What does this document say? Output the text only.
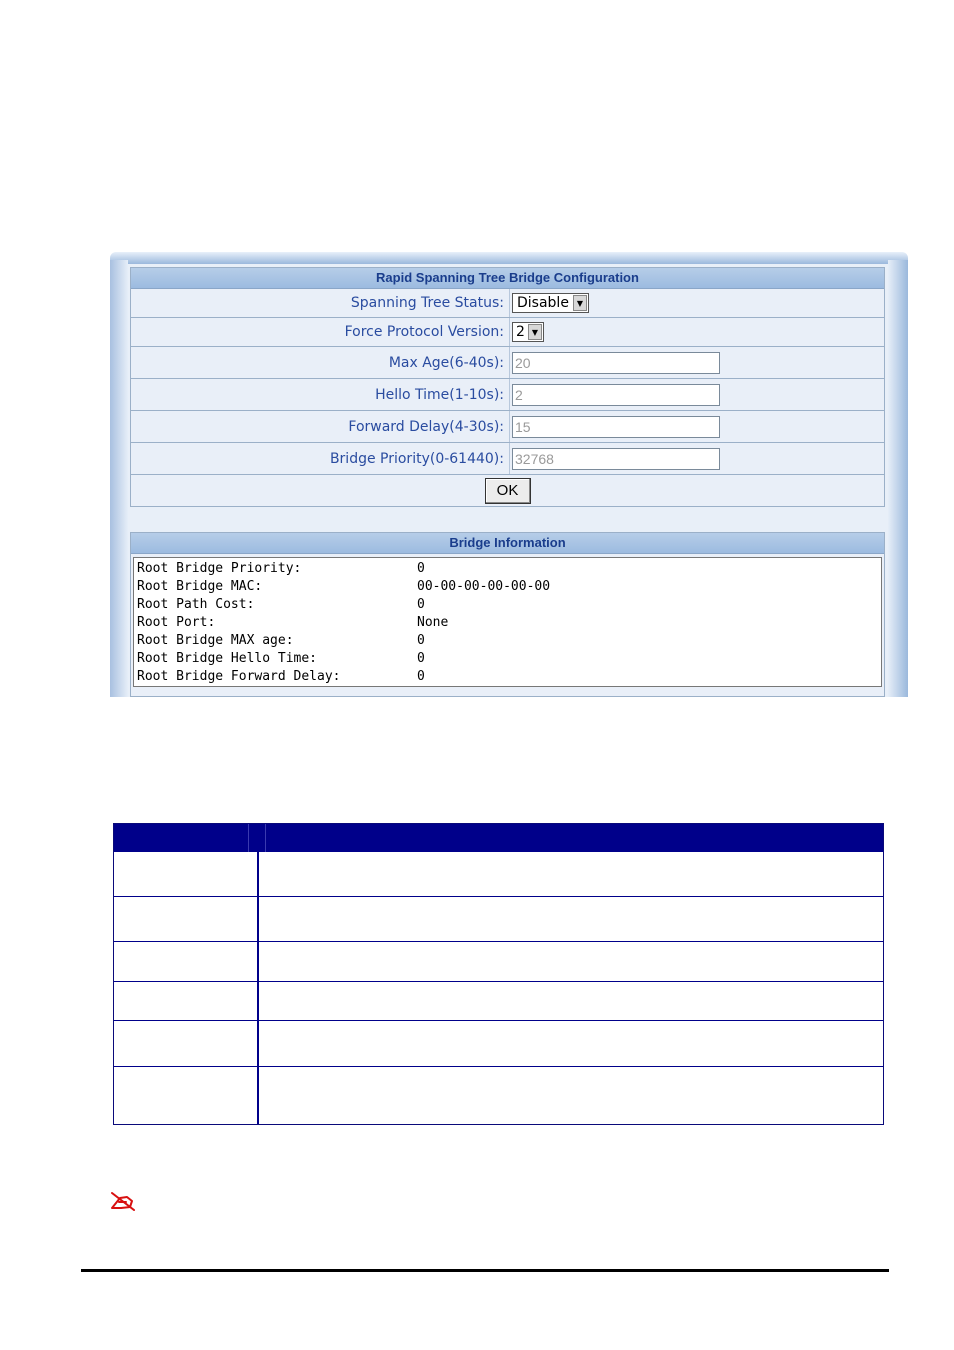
Rapid Spanning Tree Bridge Configuration
Spanning Tree Status: Disable ▼
Force Protocol Version: 2 ▼
Max Age(6-40s): 20
Hello Time(1-10s): 2
Forward Delay(4-30s): 15
Bridge Priority(0-61440): 32768
OK
Bridge Information
Root Bridge Priority:	0
Root Bridge MAC:	00-00-00-00-00-00
Root Path Cost:	0
Root Port:	None
Root Bridge MAX age:	0
Root Bridge Hello Time:	0
Root Bridge Forward Delay:	0
